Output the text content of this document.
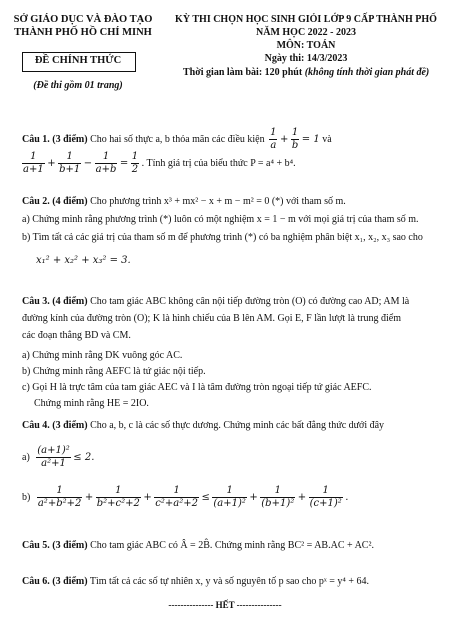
SỞ GIÁO DỤC VÀ ĐÀO TẠO
THÀNH PHỐ HỒ CHÍ MINH
ĐỀ CHÍNH THỨC
(Đề thi gồm 01 trang)
KỲ THI CHỌN HỌC SINH GIỎI LỚP 9 CẤP THÀNH PHỐ
NĂM HỌC 2022 - 2023
MÔN: TOÁN
Ngày thi: 14/3/2023
Thời gian làm bài: 120 phút (không tính thời gian phát đề)
Câu 1. (3 điểm) Cho hai số thực a, b thỏa mãn các điều kiện $\frac{1}{a} + \frac{1}{b} = 1$ và
$\frac{1}{a+1} + \frac{1}{b+1} - \frac{1}{a+b} = \frac{1}{2}$ . Tính giá trị của biểu thức P = a⁴ + b⁴.
Câu 2. (4 điểm) Cho phương trình x³ + mx² − x + m − m² = 0 (*) với tham số m.
a) Chứng minh rằng phương trình (*) luôn có một nghiệm x = 1 − m với mọi giá trị của tham số m.
b) Tìm tất cả các giá trị của tham số m để phương trình (*) có ba nghiệm phân biệt x₁, x₂, x₃ sao cho
x₁² + x₂² + x₃² = 3.
Câu 3. (4 điểm) Cho tam giác ABC không cân nội tiếp đường tròn (O) có đường cao AD; AM là
đường kính của đường tròn (O); K là hình chiếu của B lên AM. Gọi E, F lần lượt là trung điểm
các đoạn thẳng BD và CM.
a) Chứng minh rằng DK vuông góc AC.
b) Chứng minh rằng AEFC là tứ giác nội tiếp.
c) Gọi H là trực tâm của tam giác AEC và I là tâm đường tròn ngoại tiếp tứ giác AEFC.
Chứng minh rằng HE = 2IO.
Câu 4. (3 điểm) Cho a, b, c là các số thực dương. Chứng minh các bất đẳng thức dưới đây
$a) \frac{\text{(a+1)²}}{\text{a²+1}} \le 2$.
$b) \frac{1}{\text{a²+b²+2}} + \frac{1}{\text{b²+c²+2}} + \frac{1}{\text{c²+a²+2}} \le \frac{1}{\text{(a+1)²}} + \frac{1}{\text{(b+1)²}} + \frac{1}{\text{(c+1)²}}$ .
Câu 5. (3 điểm) Cho tam giác ABC có Â = 2B̂. Chứng minh rằng BC² = AB.AC + AC².
Câu 6. (3 điểm) Tìm tất cả các số tự nhiên x, y và số nguyên tố p sao cho pˣ = y⁴ + 64.
--------------- HẾT ---------------
